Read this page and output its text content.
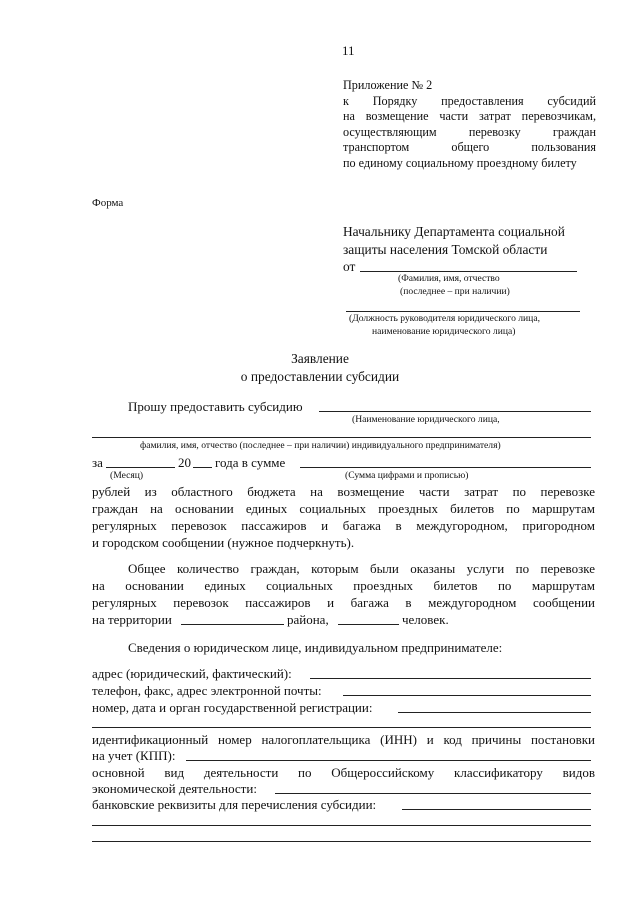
11
Приложение № 2
к Порядку предоставления субсидий
на возмещение части затрат перевозчикам,
осуществляющим перевозку граждан
транспортом общего пользования
по единому социальному проездному билету
Форма
Начальнику Департамента социальной
защиты населения Томской области
от
(Фамилия, имя, отчество
(последнее – при наличии)
(Должность руководителя юридического лица,
наименование юридического лица)
Заявление
о предоставлении субсидии
Прошу предоставить субсидию
(Наименование юридического лица,
фамилия, имя, отчество (последнее – при наличии) индивидуального предпринимателя)
за	20 года в сумме
(Месяц)	(Сумма цифрами и прописью)
рублей из областного бюджета на возмещение части затрат по перевозке
граждан на основании единых социальных проездных билетов по маршрутам
регулярных перевозок пассажиров и багажа в междугородном, пригородном
и городском сообщении (нужное подчеркнуть).
Общее количество граждан, которым были оказаны услуги по перевозке
на основании единых социальных проездных билетов по маршрутам
регулярных перевозок пассажиров и багажа в междугородном сообщении
на территории	района,	человек.
Сведения о юридическом лице, индивидуальном предпринимателе:
адрес (юридический, фактический):
телефон, факс, адрес электронной почты:
номер, дата и орган государственной регистрации:
идентификационный номер налогоплательщика (ИНН) и код причины постановки
на учет (КПП):
основной вид деятельности по Общероссийскому классификатору видов
экономической деятельности:
банковские реквизиты для перечисления субсидии:
